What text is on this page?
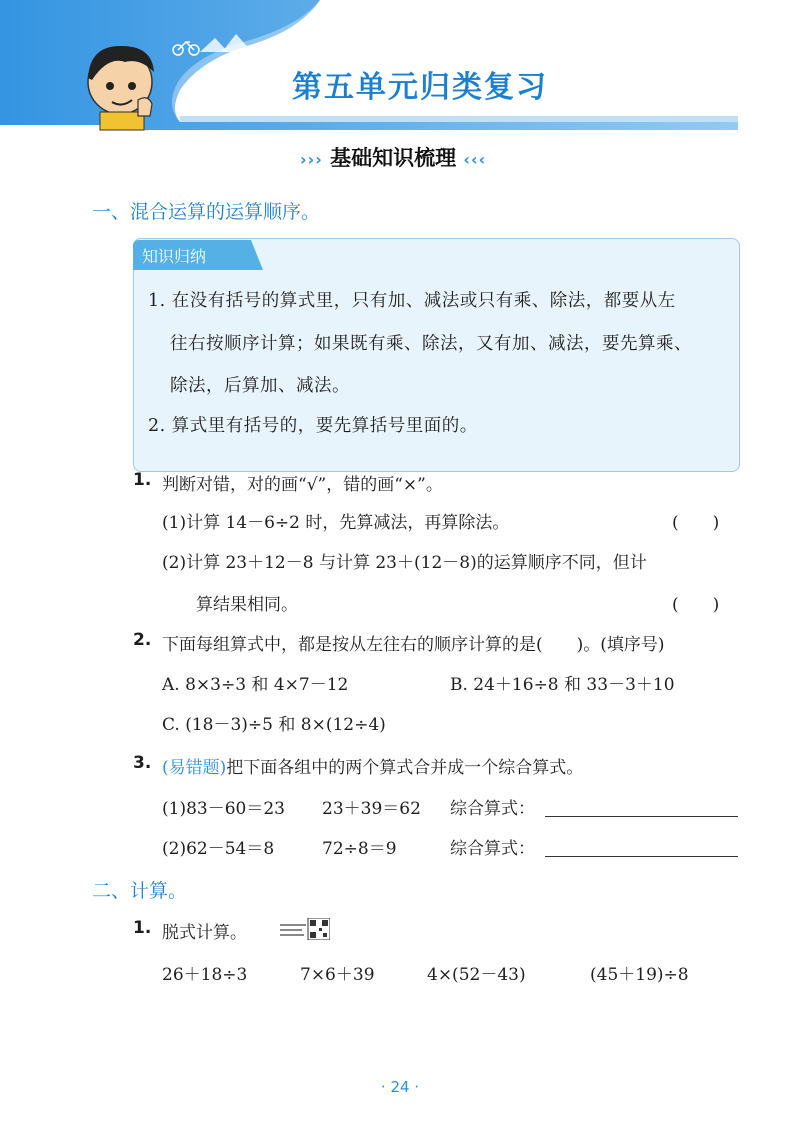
第五单元归类复习
››› 基础知识梳理 ‹‹‹
一、混合运算的运算顺序。
知识归纳
1. 在没有括号的算式里，只有加、减法或只有乘、除法，都要从左
往右按顺序计算；如果既有乘、除法，又有加、减法，要先算乘、
除法，后算加、减法。
2. 算式里有括号的，要先算括号里面的。
1. 判断对错，对的画“√”，错的画“×”。
(1)计算 14－6÷2 时，先算减法，再算除法。	(　　)
(2)计算 23＋12－8 与计算 23＋(12－8)的运算顺序不同，但计
算结果相同。	(　　)
2. 下面每组算式中，都是按从左往右的顺序计算的是(　　)。(填序号)
A. 8×3÷3 和 4×7－12	B. 24＋16÷8 和 33－3＋10
C. (18－3)÷5 和 8×(12÷4)
3. (易错题)把下面各组中的两个算式合并成一个综合算式。
(1)83－60＝23 23＋39＝62 综合算式：
(2)62－54＝8	72÷8＝9	综合算式：
二、计算。
1. 脱式计算。
26＋18÷3	7×6＋39	4×(52－43)	(45＋19)÷8
· 24 ·
